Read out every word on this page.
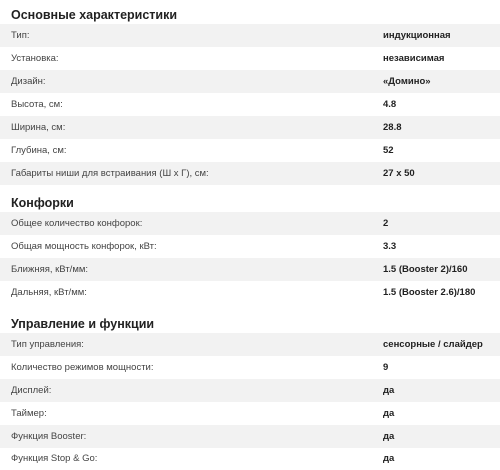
Основные характеристики
Тип:	индукционная
Установка:	независимая
Дизайн:	«Домино»
Высота, см:	4.8
Ширина, см:	28.8
Глубина, см:	52
Габариты ниши для встраивания (Ш х Г), см:	27 х 50
Конфорки
Общее количество конфорок:	2
Общая мощность конфорок, кВт:	3.3
Ближняя, кВт/мм:	1.5 (Booster 2)/160
Дальняя, кВт/мм:	1.5 (Booster 2.6)/180
Управление и функции
Тип управления:	сенсорные / слайдер
Количество режимов мощности:	9
Дисплей:	да
Таймер:	да
Функция Booster:	да
Функция Stop & Go:	да
